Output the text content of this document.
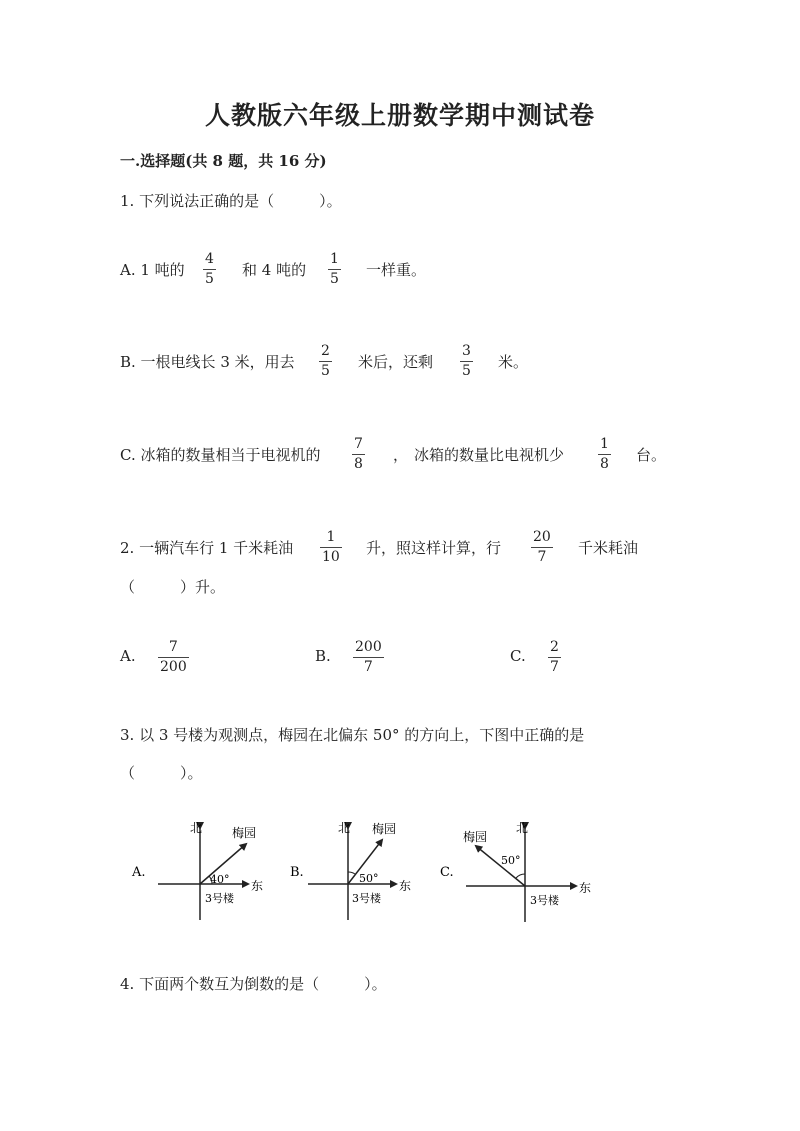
人教版六年级上册数学期中测试卷
一.选择题(共 8 题，共 16 分)
1. 下列说法正确的是（　　　）。
A. 1 吨的
4
5 和 4 吨的
1
5 一样重。
B. 一根电线长 3 米，用去
2
5 米后，还剩
3
5 米。
C. 冰箱的数量相当于电视机的
7
8 ， 冰箱的数量比电视机少
1
8 台。
2. 一辆汽车行 1 千米耗油
1
10 升，照这样计算，行
20
7 千米耗油
（　　　）升。
A. 7
200
B. 200
7
C. 2
7
3. 以 3 号楼为观测点，梅园在北偏东 50° 的方向上，下图中正确的是
（　　　）。
A.
北
东
梅园
40°
3号楼
B.
北
东
梅园
50°
3号楼
C.
北
东
梅园
50°
3号楼
4. 下面两个数互为倒数的是（　　　）。
